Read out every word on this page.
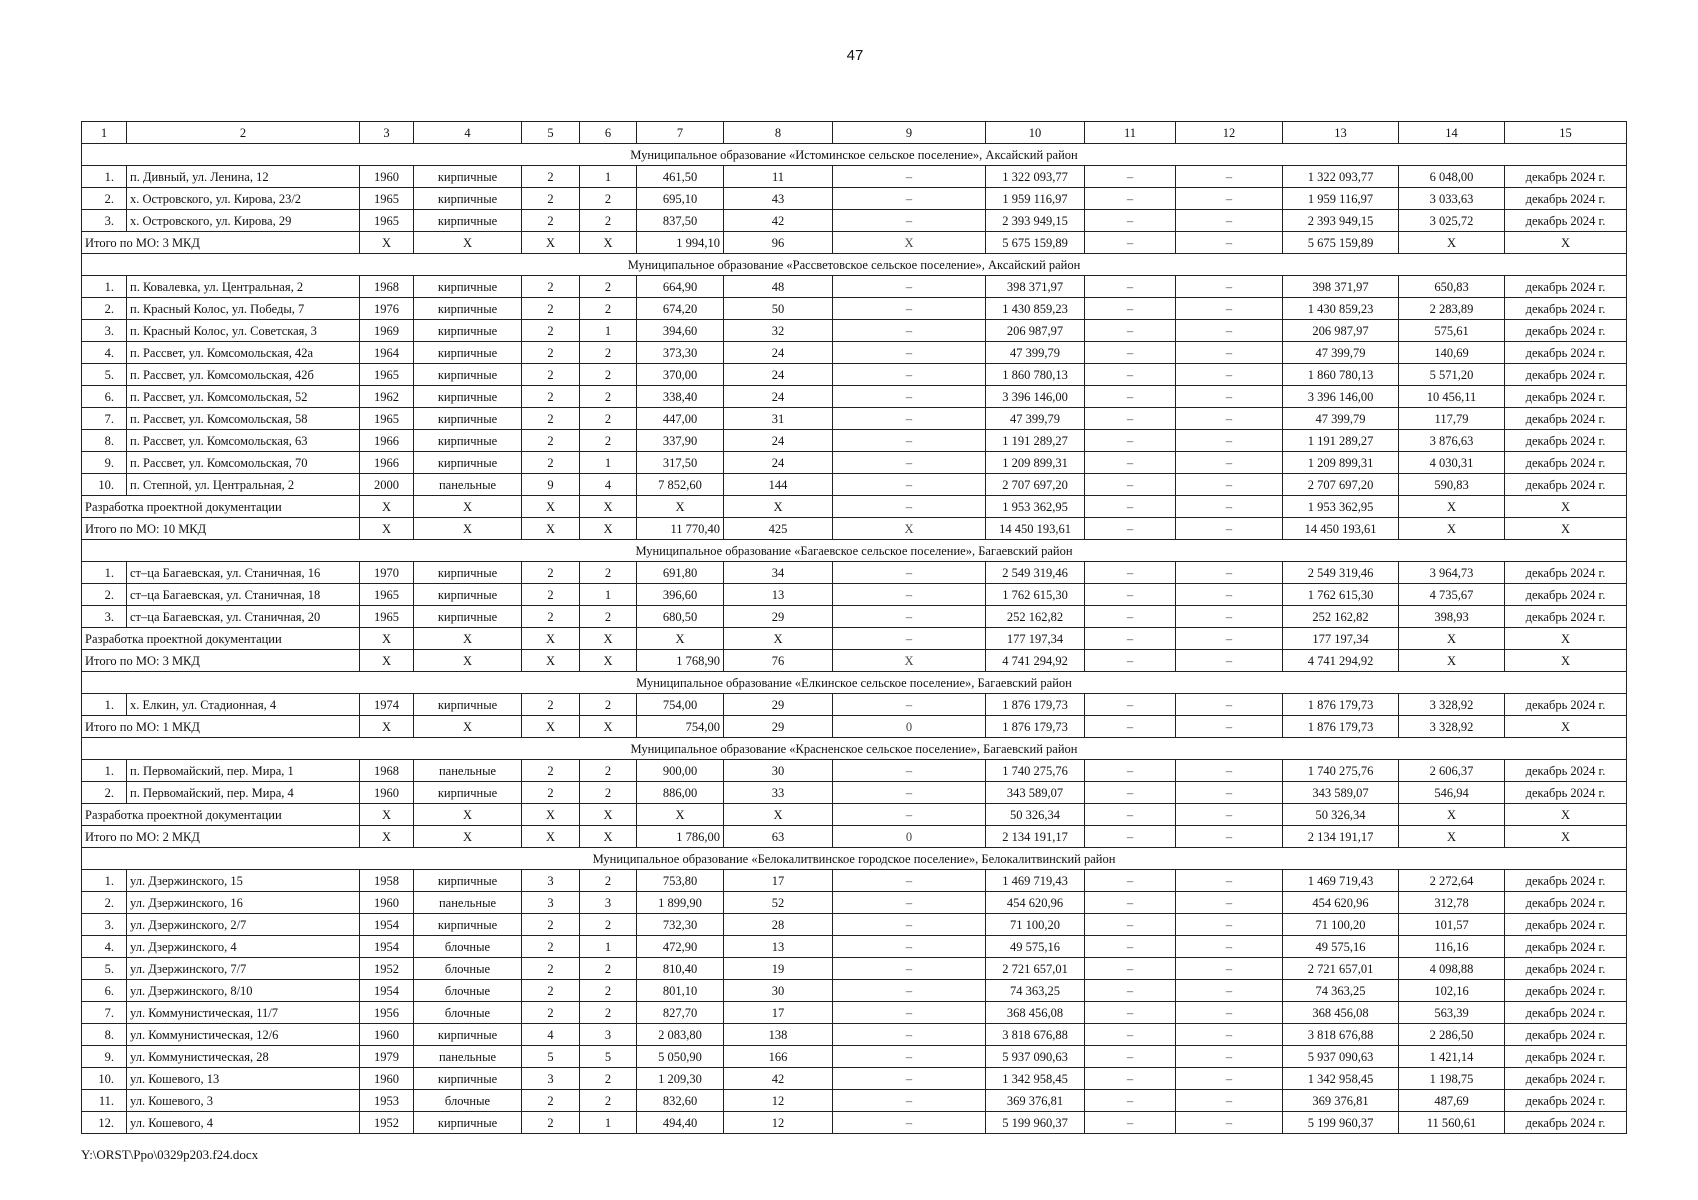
47
1	2	3	4	5	6	7	8	9	10	11	12	13	14	15
Муниципальное образование «Истоминское сельское поселение», Аксайский район														
1.	п. Дивный, ул. Ленина, 12	1960	кирпичные	2	1	461,50	11	–	1 322 093,77	–	–	1 322 093,77	6 048,00	декабрь 2024 г.
2.	х. Островского, ул. Кирова, 23/2	1965	кирпичные	2	2	695,10	43	–	1 959 116,97	–	–	1 959 116,97	3 033,63	декабрь 2024 г.
3.	х. Островского, ул. Кирова, 29	1965	кирпичные	2	2	837,50	42	–	2 393 949,15	–	–	2 393 949,15	3 025,72	декабрь 2024 г.
Итого по МО: 3 МКД		X	X	X	X	1 994,10	96	X	5 675 159,89	–	–	5 675 159,89	X	X
Муниципальное образование «Рассветовское сельское поселение», Аксайский район														
1.	п. Ковалевка, ул. Центральная, 2	1968	кирпичные	2	2	664,90	48	–	398 371,97	–	–	398 371,97	650,83	декабрь 2024 г.
2.	п. Красный Колос, ул. Победы, 7	1976	кирпичные	2	2	674,20	50	–	1 430 859,23	–	–	1 430 859,23	2 283,89	декабрь 2024 г.
3.	п. Красный Колос, ул. Советская, 3	1969	кирпичные	2	1	394,60	32	–	206 987,97	–	–	206 987,97	575,61	декабрь 2024 г.
4.	п. Рассвет, ул. Комсомольская, 42а	1964	кирпичные	2	2	373,30	24	–	47 399,79	–	–	47 399,79	140,69	декабрь 2024 г.
5.	п. Рассвет, ул. Комсомольская, 42б	1965	кирпичные	2	2	370,00	24	–	1 860 780,13	–	–	1 860 780,13	5 571,20	декабрь 2024 г.
6.	п. Рассвет, ул. Комсомольская, 52	1962	кирпичные	2	2	338,40	24	–	3 396 146,00	–	–	3 396 146,00	10 456,11	декабрь 2024 г.
7.	п. Рассвет, ул. Комсомольская, 58	1965	кирпичные	2	2	447,00	31	–	47 399,79	–	–	47 399,79	117,79	декабрь 2024 г.
8.	п. Рассвет, ул. Комсомольская, 63	1966	кирпичные	2	2	337,90	24	–	1 191 289,27	–	–	1 191 289,27	3 876,63	декабрь 2024 г.
9.	п. Рассвет, ул. Комсомольская, 70	1966	кирпичные	2	1	317,50	24	–	1 209 899,31	–	–	1 209 899,31	4 030,31	декабрь 2024 г.
10.	п. Степной, ул. Центральная, 2	2000	панельные	9	4	7 852,60	144	–	2 707 697,20	–	–	2 707 697,20	590,83	декабрь 2024 г.
Разработка проектной документации		X	X	X	X	X	X	–	1 953 362,95	–	–	1 953 362,95	X	X
Итого по МО: 10 МКД		X	X	X	X	11 770,40	425	X	14 450 193,61	–	–	14 450 193,61	X	X
Муниципальное образование «Багаевское сельское поселение», Багаевский район														
1.	ст–ца Багаевская, ул. Станичная, 16	1970	кирпичные	2	2	691,80	34	–	2 549 319,46	–	–	2 549 319,46	3 964,73	декабрь 2024 г.
2.	ст–ца Багаевская, ул. Станичная, 18	1965	кирпичные	2	1	396,60	13	–	1 762 615,30	–	–	1 762 615,30	4 735,67	декабрь 2024 г.
3.	ст–ца Багаевская, ул. Станичная, 20	1965	кирпичные	2	2	680,50	29	–	252 162,82	–	–	252 162,82	398,93	декабрь 2024 г.
Разработка проектной документации		X	X	X	X	X	X	–	177 197,34	–	–	177 197,34	X	X
Итого по МО: 3 МКД		X	X	X	X	1 768,90	76	X	4 741 294,92	–	–	4 741 294,92	X	X
Муниципальное образование «Елкинское сельское поселение», Багаевский район														
1.	х. Елкин, ул. Стадионная, 4	1974	кирпичные	2	2	754,00	29	–	1 876 179,73	–	–	1 876 179,73	3 328,92	декабрь 2024 г.
Итого по МО: 1 МКД		X	X	X	X	754,00	29	0	1 876 179,73	–	–	1 876 179,73	3 328,92	X
Муниципальное образование «Красненское сельское поселение», Багаевский район														
1.	п. Первомайский, пер. Мира, 1	1968	панельные	2	2	900,00	30	–	1 740 275,76	–	–	1 740 275,76	2 606,37	декабрь 2024 г.
2.	п. Первомайский, пер. Мира, 4	1960	кирпичные	2	2	886,00	33	–	343 589,07	–	–	343 589,07	546,94	декабрь 2024 г.
Разработка проектной документации		X	X	X	X	X	X	–	50 326,34	–	–	50 326,34	X	X
Итого по МО: 2 МКД		X	X	X	X	1 786,00	63	0	2 134 191,17	–	–	2 134 191,17	X	X
Муниципальное образование «Белокалитвинское городское поселение», Белокалитвинский район														
1.	ул. Дзержинского, 15	1958	кирпичные	3	2	753,80	17	–	1 469 719,43	–	–	1 469 719,43	2 272,64	декабрь 2024 г.
2.	ул. Дзержинского, 16	1960	панельные	3	3	1 899,90	52	–	454 620,96	–	–	454 620,96	312,78	декабрь 2024 г.
3.	ул. Дзержинского, 2/7	1954	кирпичные	2	2	732,30	28	–	71 100,20	–	–	71 100,20	101,57	декабрь 2024 г.
4.	ул. Дзержинского, 4	1954	блочные	2	1	472,90	13	–	49 575,16	–	–	49 575,16	116,16	декабрь 2024 г.
5.	ул. Дзержинского, 7/7	1952	блочные	2	2	810,40	19	–	2 721 657,01	–	–	2 721 657,01	4 098,88	декабрь 2024 г.
6.	ул. Дзержинского, 8/10	1954	блочные	2	2	801,10	30	–	74 363,25	–	–	74 363,25	102,16	декабрь 2024 г.
7.	ул. Коммунистическая, 11/7	1956	блочные	2	2	827,70	17	–	368 456,08	–	–	368 456,08	563,39	декабрь 2024 г.
8.	ул. Коммунистическая, 12/6	1960	кирпичные	4	3	2 083,80	138	–	3 818 676,88	–	–	3 818 676,88	2 286,50	декабрь 2024 г.
9.	ул. Коммунистическая, 28	1979	панельные	5	5	5 050,90	166	–	5 937 090,63	–	–	5 937 090,63	1 421,14	декабрь 2024 г.
10.	ул. Кошевого, 13	1960	кирпичные	3	2	1 209,30	42	–	1 342 958,45	–	–	1 342 958,45	1 198,75	декабрь 2024 г.
11.	ул. Кошевого, 3	1953	блочные	2	2	832,60	12	–	369 376,81	–	–	369 376,81	487,69	декабрь 2024 г.
12.	ул. Кошевого, 4	1952	кирпичные	2	1	494,40	12	–	5 199 960,37	–	–	5 199 960,37	11 560,61	декабрь 2024 г.
Y:\ORST\Ppo\0329p203.f24.docx
